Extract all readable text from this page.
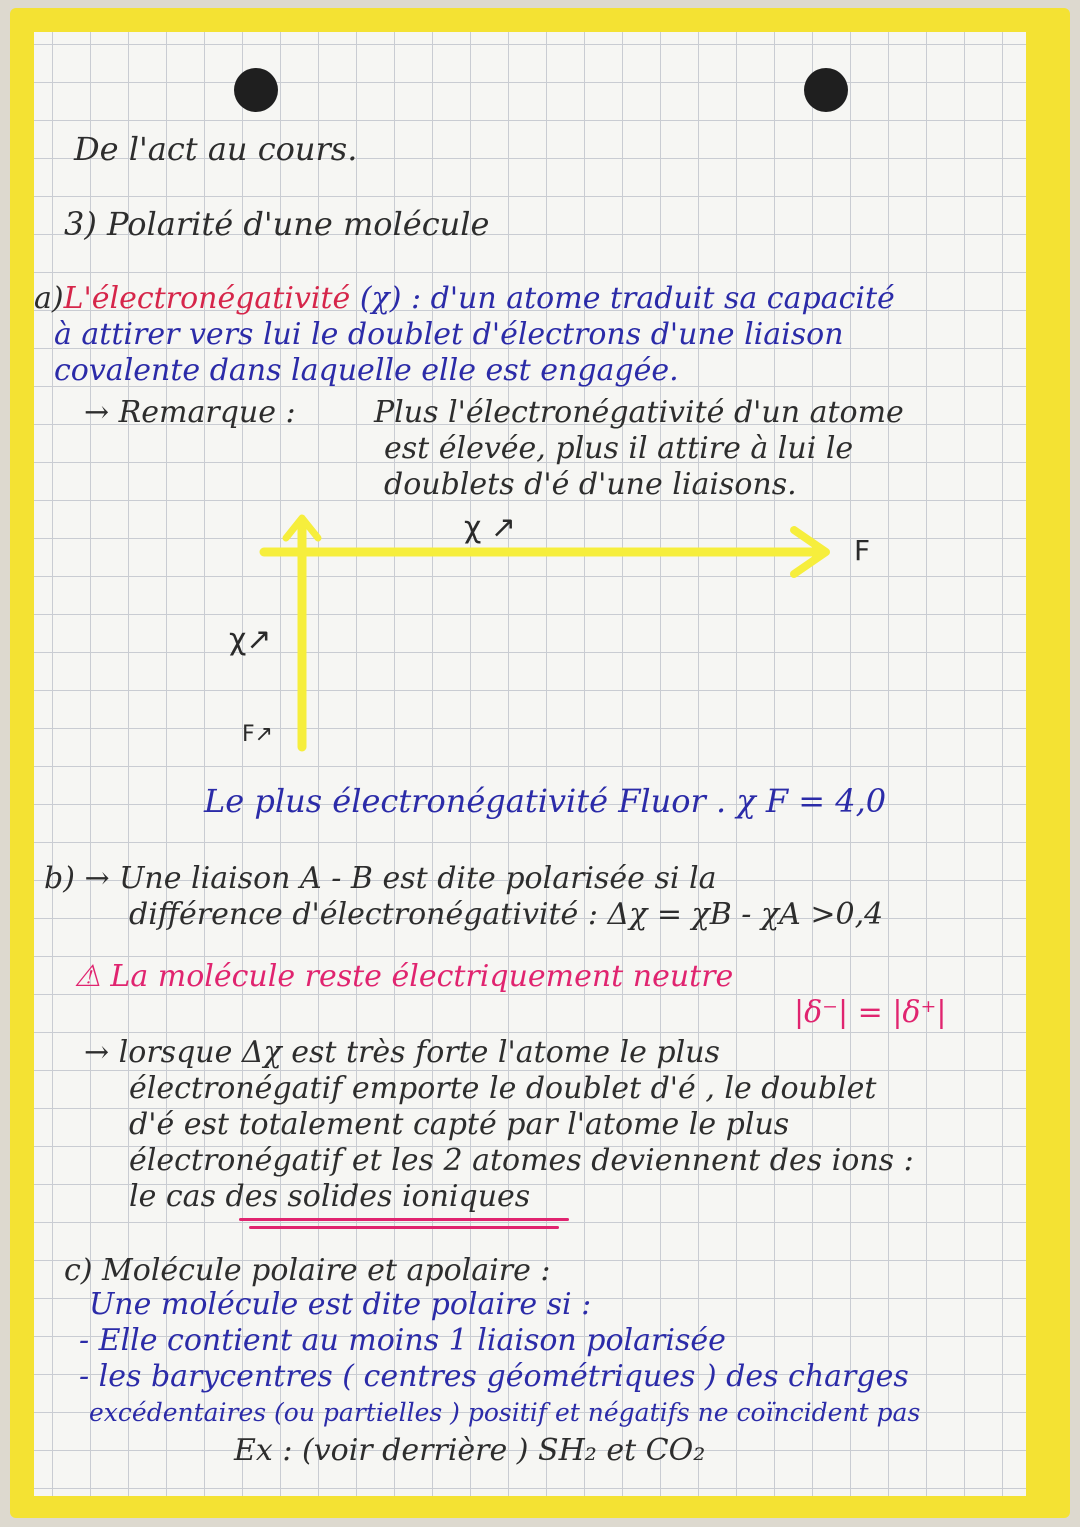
De l'act au cours.
3) Polarité d'une molécule
a)L'électronégativité (χ) : d'un atome traduit sa capacité
à attirer vers lui le doublet d'électrons d'une liaison
covalente dans laquelle elle est engagée.
→ Remarque :	Plus l'électronégativité d'un atome
est élevée, plus il attire à lui le
doublets d'é d'une liaisons.
χ ↗
F
χ↗
F↗
Le plus électronégativité Fluor . χ F = 4,0
b) → Une liaison A - B est dite polarisée si la
différence d'électronégativité : Δχ = χB - χA >0,4
⚠ La molécule reste électriquement neutre
|δ⁻| = |δ⁺|
→ lorsque Δχ est très forte l'atome le plus
électronégatif emporte le doublet d'é , le doublet
d'é est totalement capté par l'atome le plus
électronégatif et les 2 atomes deviennent des ions :
le cas des solides ioniques
c) Molécule polaire et apolaire :
Une molécule est dite polaire si :
- Elle contient au moins 1 liaison polarisée
- les barycentres ( centres géométriques ) des charges
excédentaires (ou partielles ) positif et négatifs ne coïncident pas
Ex : (voir derrière ) SH₂ et CO₂
